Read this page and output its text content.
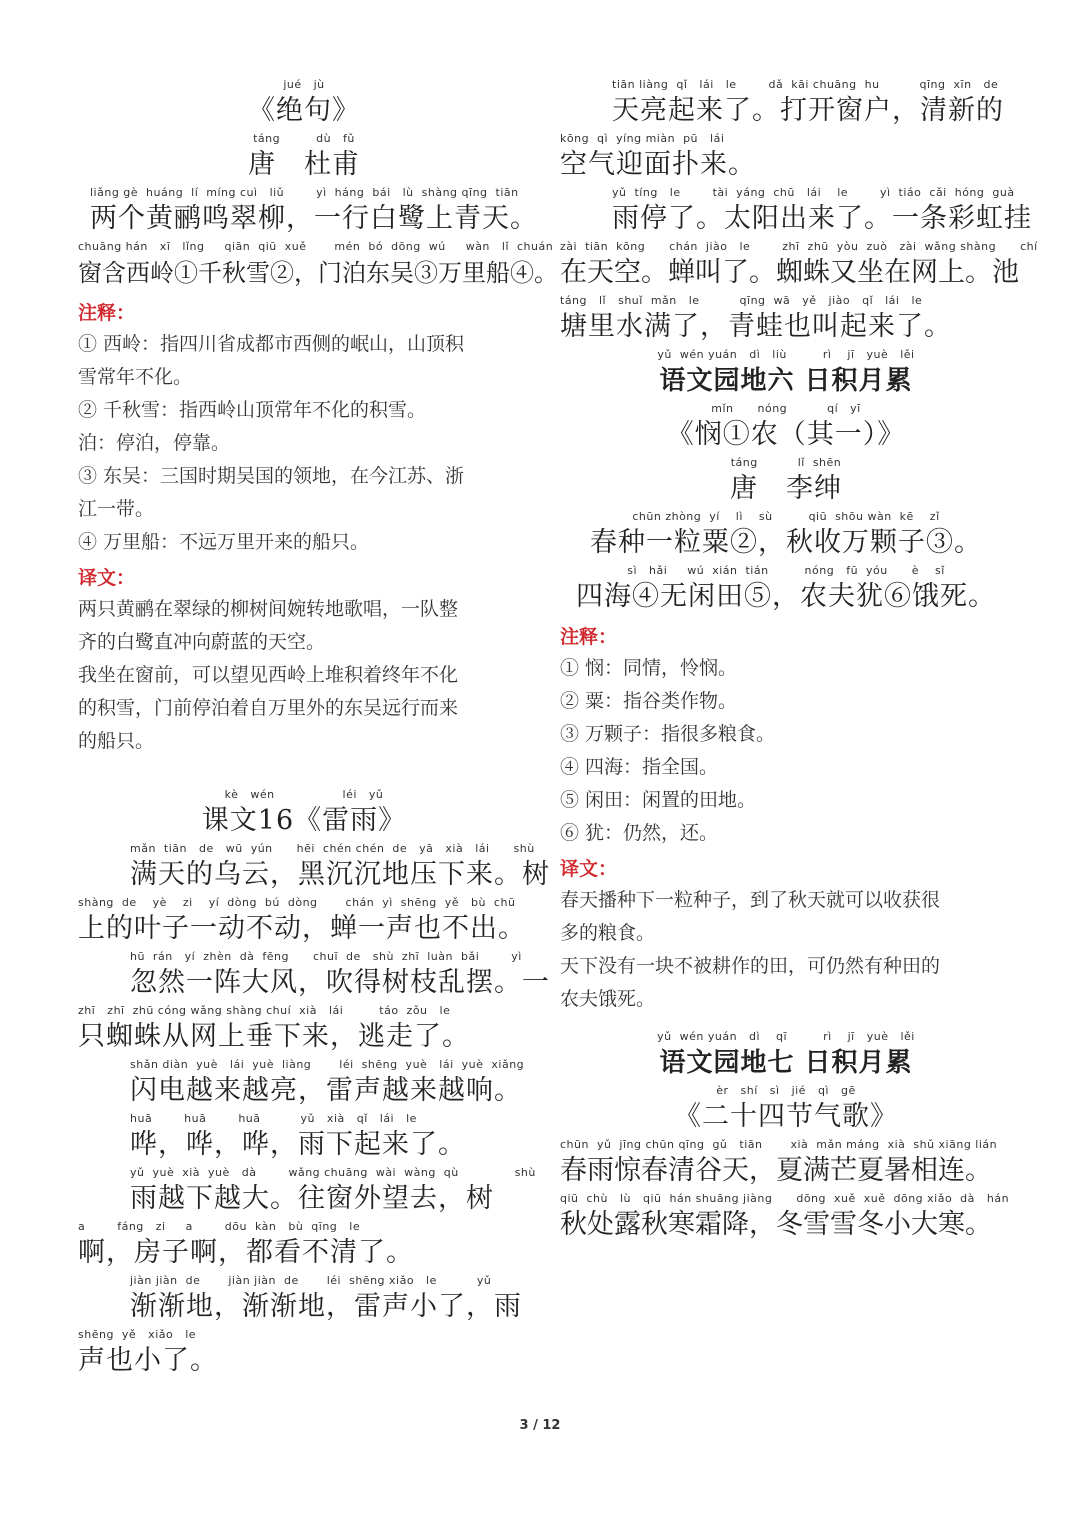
jué   jù
《绝句》
táng         dù   fǔ
唐　杜甫
liǎng gè  huáng  lí  míng cuì   liǔ        yì  háng  bái   lù  shàng qīng  tiān
两个黄鹂鸣翠柳，一行白鹭上青天。
chuāng hán   xī   lǐng     qiān  qiū  xuě       mén  bó  dōng  wú     wàn   lǐ  chuán
窗含西岭①千秋雪②，门泊东吴③万里船④。
注释：

① 西岭：指四川省成都市西侧的岷山，山顶积

雪常年不化。

② 千秋雪：指西岭山顶常年不化的积雪。

泊：停泊，停靠。

③ 东吴：三国时期吴国的领地，在今江苏、浙

江一带。

④ 万里船：不远万里开来的船只。

译文：

两只黄鹂在翠绿的柳树间婉转地歌唱，一队整

齐的白鹭直冲向蔚蓝的天空。

我坐在窗前，可以望见西岭上堆积着终年不化

的积雪，门前停泊着自万里外的东吴远行而来

的船只。

kè   wén                 léi   yǔ
课文16《雷雨》
mǎn  tiān   de   wū  yún      hēi  chén chén  de   yā   xià   lái      shù
满天的乌云，黑沉沉地压下来。树
shàng  de    yè    zi    yí  dòng  bú  dòng       chán  yì  shēng  yě   bù  chū
上的叶子一动不动，蝉一声也不出。
hū  rán   yí  zhèn  dà  fēng      chuī  de   shù  zhī  luàn  bǎi        yì
忽然一阵大风，吹得树枝乱摆。一
zhī   zhī  zhū cóng wǎng shàng chuí  xià   lái         táo  zǒu   le
只蜘蛛从网上垂下来，逃走了。
shǎn diàn  yuè   lái  yuè  liàng       léi  shēng  yuè   lái  yuè  xiǎng
闪电越来越亮，雷声越来越响。
huā        huā        huā          yǔ   xià   qǐ   lái   le
哗，哗，哗，雨下起来了。
yǔ  yuè  xià  yuè   dà        wǎng chuāng  wài  wàng  qù              shù
雨越下越大。往窗外望去，树
a        fáng   zi     a        dōu  kàn   bù  qīng   le
啊，房子啊，都看不清了。
jiàn jiàn  de       jiàn jiàn  de       léi  shēng xiǎo   le          yǔ
渐渐地，渐渐地，雷声小了，雨
shēng  yě   xiǎo   le
声也小了。
tiān liàng  qǐ   lái   le        dǎ  kāi chuāng  hu          qīng  xīn   de
天亮起来了。打开窗户，清新的
kōng  qì  yíng miàn  pū   lái
空气迎面扑来。
yǔ  tíng   le        tài  yáng  chū   lái    le        yì  tiáo  cǎi  hóng  guà
雨停了。太阳出来了。一条彩虹挂
zài  tiān  kōng      chán  jiào   le        zhī  zhū  yòu  zuò   zài  wǎng shàng      chí
在天空。蝉叫了。蜘蛛又坐在网上。池
táng   lǐ   shuǐ  mǎn   le          qīng  wā   yě   jiào   qǐ   lái   le
塘里水满了，青蛙也叫起来了。
yǔ  wén yuán   dì   liù         rì    jī   yuè   lěi
语文园地六 日积月累
mǐn      nóng          qí   yī
《悯①农（其一）》
táng          lǐ  shēn
唐　李绅
chūn zhòng  yí    lì    sù         qiū  shōu wàn  kē    zǐ
春种一粒粟②，秋收万颗子③。
sì   hǎi     wú  xián  tián         nóng   fū  yóu      è    sǐ
四海④无闲田⑤，农夫犹⑥饿死。
注释：

① 悯：同情，怜悯。

② 粟：指谷类作物。

③ 万颗子：指很多粮食。

④ 四海：指全国。

⑤ 闲田：闲置的田地。

⑥ 犹：仍然，还。

译文：

春天播种下一粒种子，到了秋天就可以收获很

多的粮食。

天下没有一块不被耕作的田，可仍然有种田的

农夫饿死。

yǔ  wén yuán   dì    qī         rì    jī   yuè   lěi
语文园地七 日积月累
èr   shí   sì   jié   qì   gē
《二十四节气歌》
chūn  yǔ  jīng chūn qīng  gǔ   tiān       xià  mǎn máng  xià  shǔ xiāng lián
春雨惊春清谷天，夏满芒夏暑相连。
qiū  chù   lù   qiū  hán shuāng jiàng      dōng  xuě  xuě  dōng xiǎo  dà   hán
秋处露秋寒霜降，冬雪雪冬小大寒。
3 / 12
